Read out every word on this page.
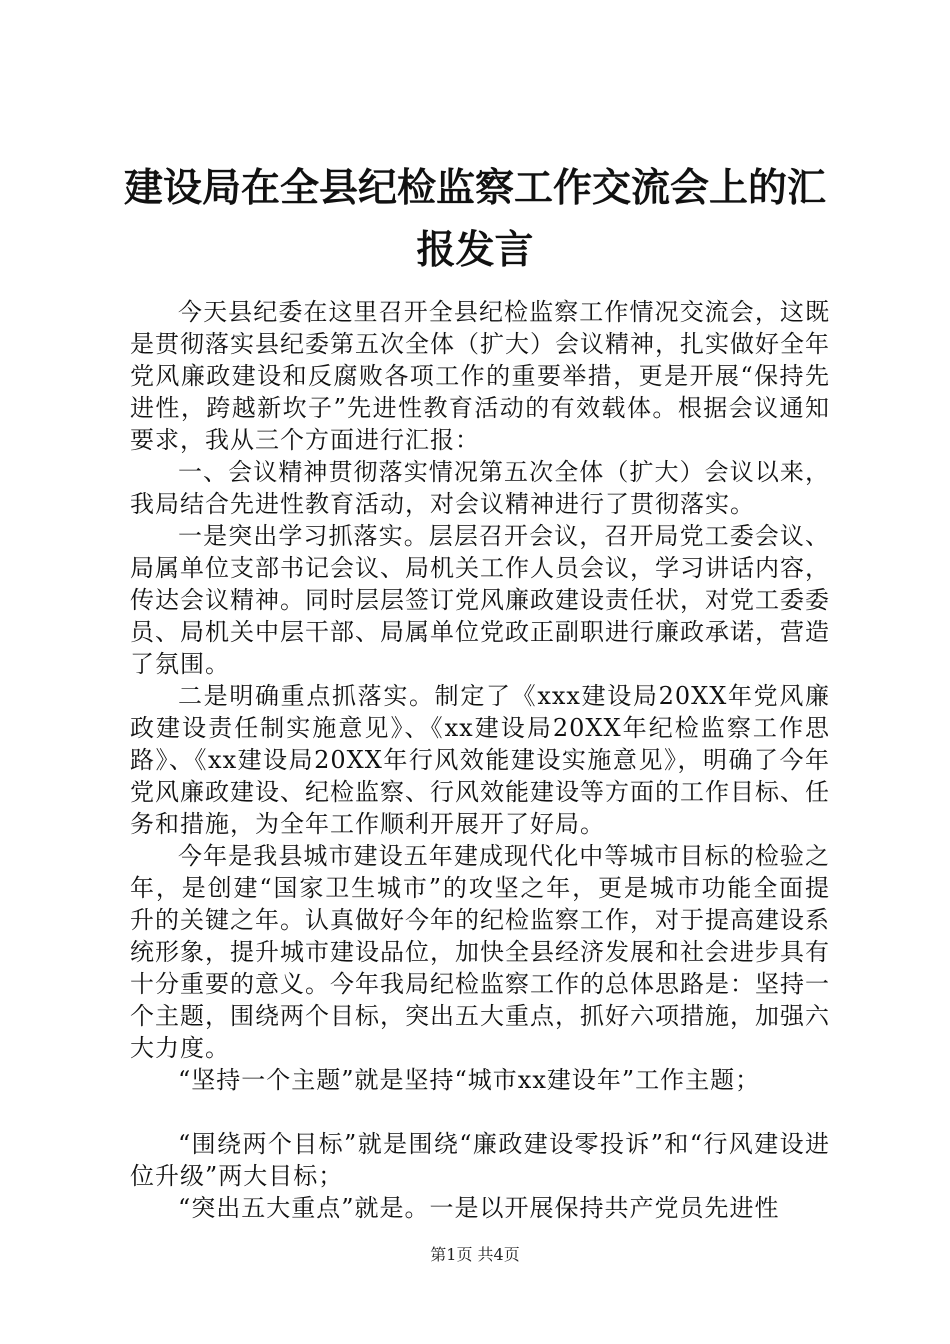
建设局在全县纪检监察工作交流会上的汇报发言

今天县纪委在这里召开全县纪检监察工作情况交流会，这既是贯彻落实县纪委第五次全体（扩大）会议精神，扎实做好全年党风廉政建设和反腐败各项工作的重要举措，更是开展“保持先进性，跨越新坎子”先进性教育活动的有效载体。根据会议通知要求，我从三个方面进行汇报：

一、会议精神贯彻落实情况第五次全体（扩大）会议以来，我局结合先进性教育活动，对会议精神进行了贯彻落实。

一是突出学习抓落实。层层召开会议，召开局党工委会议、局属单位支部书记会议、局机关工作人员会议，学习讲话内容，传达会议精神。同时层层签订党风廉政建设责任状，对党工委委员、局机关中层干部、局属单位党政正副职进行廉政承诺，营造了氛围。

二是明确重点抓落实。制定了《xxx建设局20XX年党风廉政建设责任制实施意见》、《xx建设局20XX年纪检监察工作思路》、《xx建设局20XX年行风效能建设实施意见》，明确了今年党风廉政建设、纪检监察、行风效能建设等方面的工作目标、任务和措施，为全年工作顺利开展开了好局。

今年是我县城市建设五年建成现代化中等城市目标的检验之年，是创建“国家卫生城市”的攻坚之年，更是城市功能全面提升的关键之年。认真做好今年的纪检监察工作，对于提高建设系统形象，提升城市建设品位，加快全县经济发展和社会进步具有十分重要的意义。今年我局纪检监察工作的总体思路是：坚持一个主题，围绕两个目标，突出五大重点，抓好六项措施，加强六大力度。

“坚持一个主题”就是坚持“城市xx建设年”工作主题；

“围绕两个目标”就是围绕“廉政建设零投诉”和“行风建设进位升级”两大目标；

“突出五大重点”就是。一是以开展保持共产党员先进性

第1页 共4页
